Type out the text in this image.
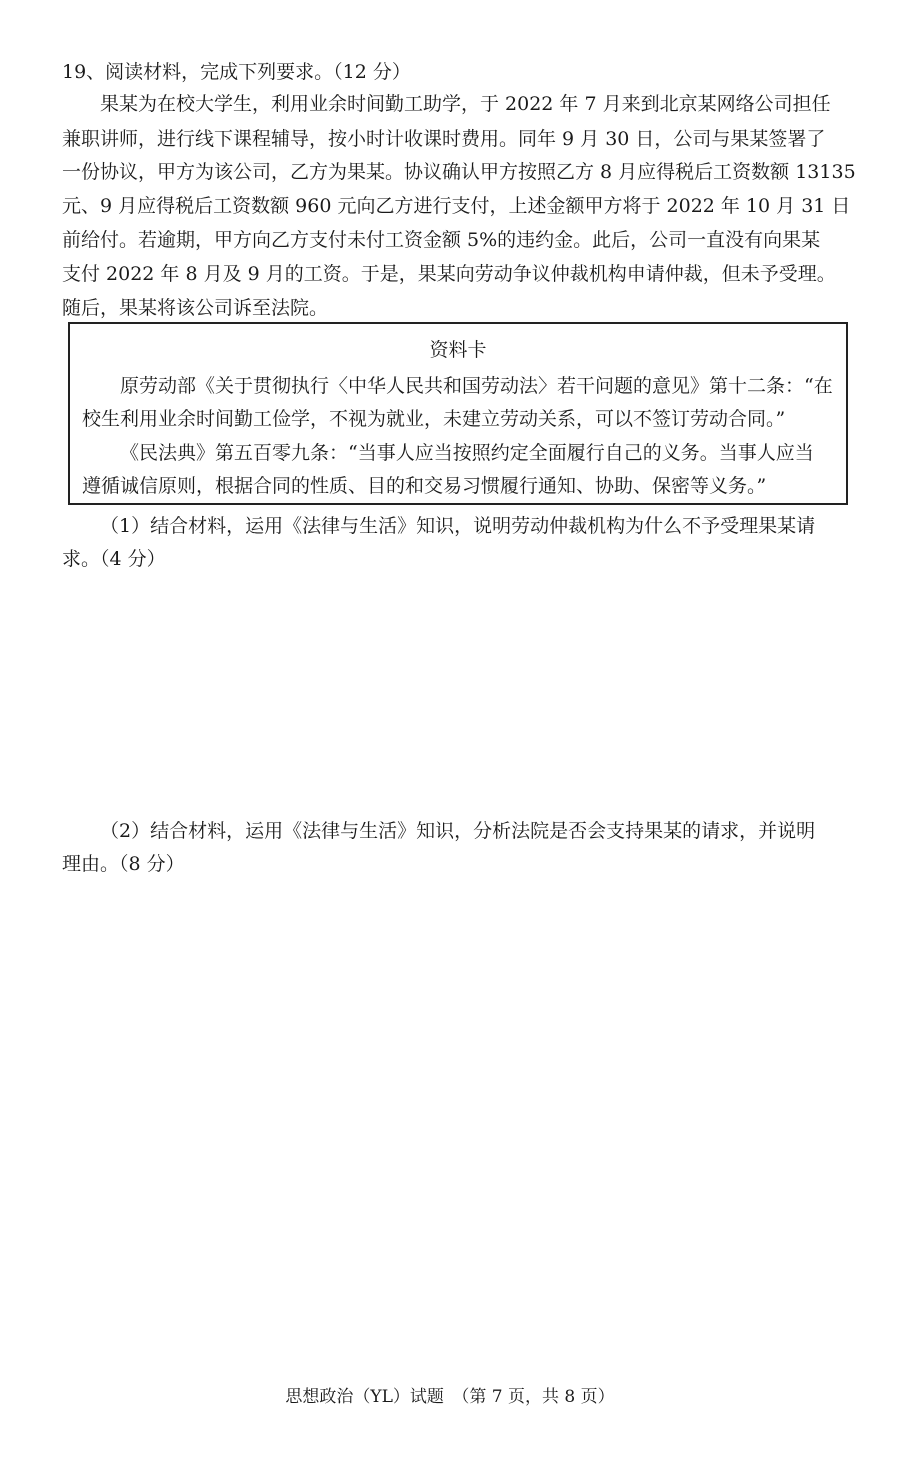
19、阅读材料，完成下列要求。（12 分）
果某为在校大学生，利用业余时间勤工助学，于 2022 年 7 月来到北京某网络公司担任
兼职讲师，进行线下课程辅导，按小时计收课时费用。同年 9 月 30 日，公司与果某签署了
一份协议，甲方为该公司，乙方为果某。协议确认甲方按照乙方 8 月应得税后工资数额 13135
元、9 月应得税后工资数额 960 元向乙方进行支付，上述金额甲方将于 2022 年 10 月 31 日
前给付。若逾期，甲方向乙方支付未付工资金额 5%的违约金。此后，公司一直没有向果某
支付 2022 年 8 月及 9 月的工资。于是，果某向劳动争议仲裁机构申请仲裁，但未予受理。
随后，果某将该公司诉至法院。
资料卡
原劳动部《关于贯彻执行〈中华人民共和国劳动法〉若干问题的意见》第十二条：“在
校生利用业余时间勤工俭学，不视为就业，未建立劳动关系，可以不签订劳动合同。”
《民法典》第五百零九条：“当事人应当按照约定全面履行自己的义务。当事人应当
遵循诚信原则，根据合同的性质、目的和交易习惯履行通知、协助、保密等义务。”
（1）结合材料，运用《法律与生活》知识，说明劳动仲裁机构为什么不予受理果某请
求。（4 分）
（2）结合材料，运用《法律与生活》知识，分析法院是否会支持果某的请求，并说明
理由。（8 分）
思想政治（YL）试题　（第 7 页，共 8 页）
